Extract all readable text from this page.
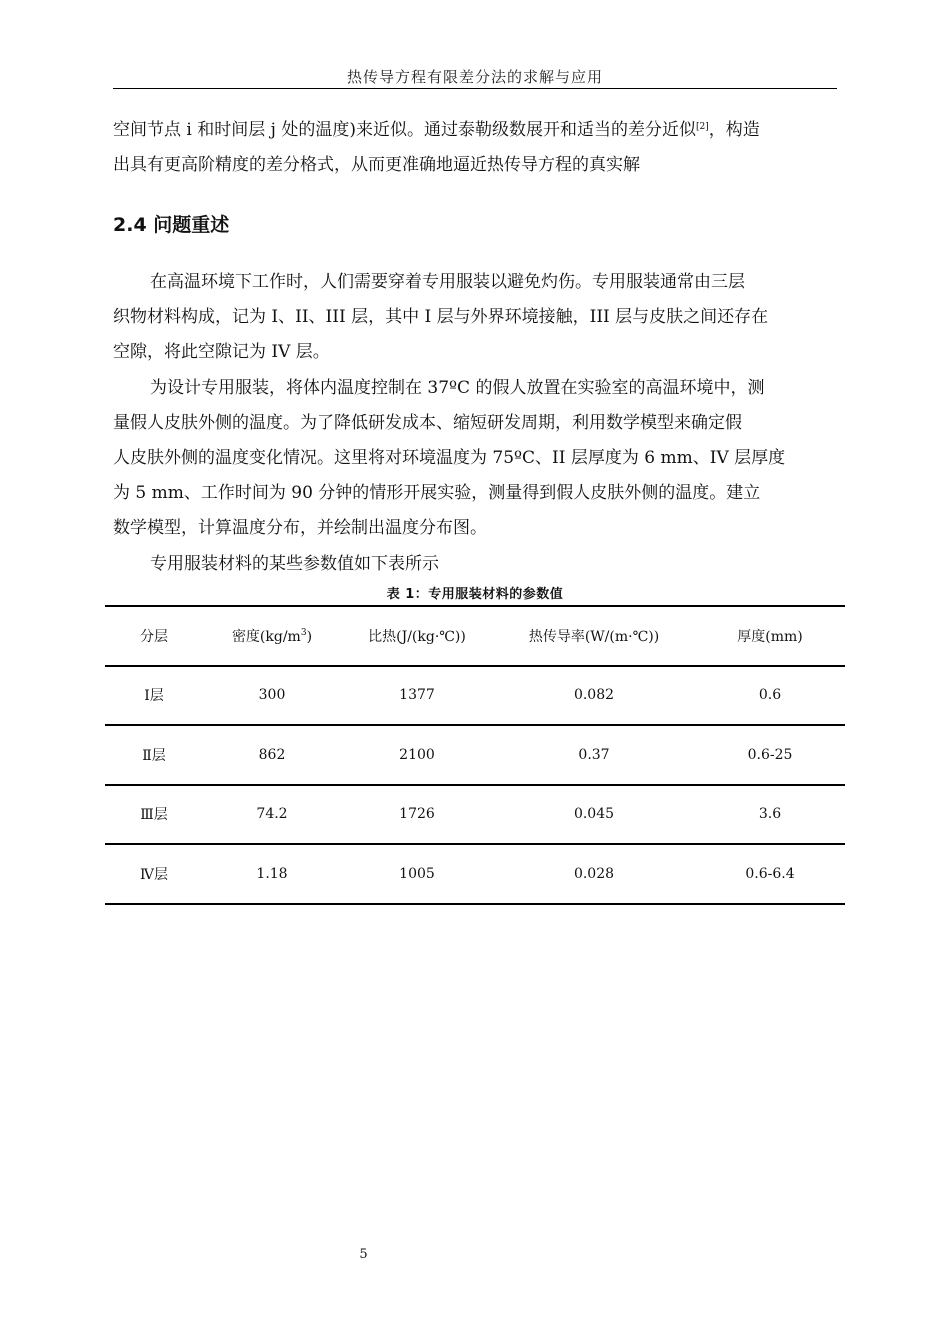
热传导方程有限差分法的求解与应用

空间节点 i 和时间层 j 处的温度)来近似。通过泰勒级数展开和适当的差分近似[2]，构造
出具有更高阶精度的差分格式，从而更准确地逼近热传导方程的真实解

2.4 问题重述

在高温环境下工作时，人们需要穿着专用服装以避免灼伤。专用服装通常由三层
织物材料构成，记为 I、II、III 层，其中 I 层与外界环境接触，III 层与皮肤之间还存在
空隙，将此空隙记为 IV 层。

为设计专用服装，将体内温度控制在 37ºC 的假人放置在实验室的高温环境中，测
量假人皮肤外侧的温度。为了降低研发成本、缩短研发周期，利用数学模型来确定假
人皮肤外侧的温度变化情况。这里将对环境温度为 75ºC、II 层厚度为 6 mm、IV 层厚度
为 5 mm、工作时间为 90 分钟的情形开展实验，测量得到假人皮肤外侧的温度。建立
数学模型，计算温度分布，并绘制出温度分布图。

专用服装材料的某些参数值如下表所示

表 1：专用服装材料的参数值
分层	密度$(kg/m^3)$	比热(J/(kg·℃))	热传导率(W/(m·℃))	厚度(mm)
Ⅰ层	300	1377	0.082	0.6
Ⅱ层	862	2100	0.37	0.6-25
Ⅲ层	74.2	1726	0.045	3.6
Ⅳ层	1.18	1005	0.028	0.6-6.4
5
